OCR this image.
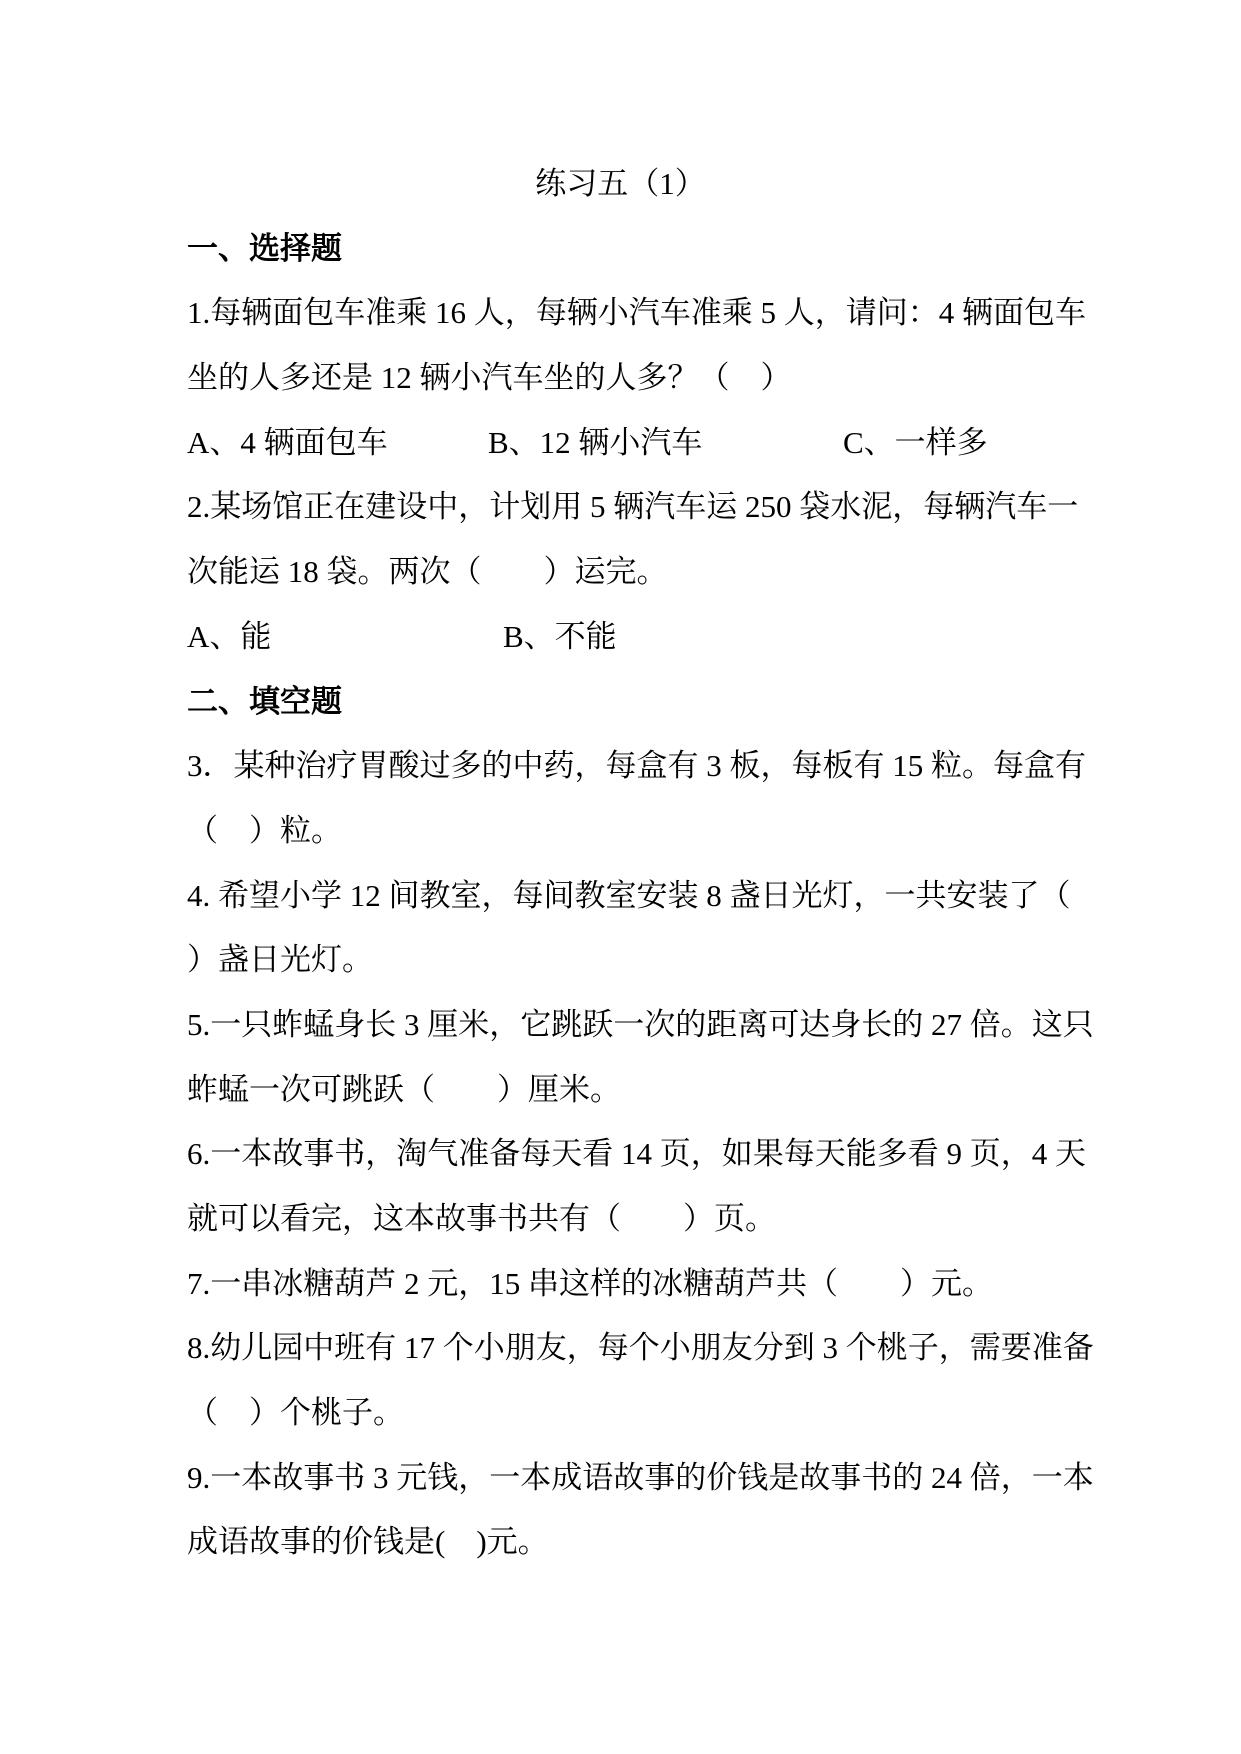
练习五（1）
一、选择题
1.每辆面包车准乘 16 人，每辆小汽车准乘 5 人，请问：4 辆面包车
坐的人多还是 12 辆小汽车坐的人多？（　）
A、4 辆面包车	B、12 辆小汽车	C、一样多
2.某场馆正在建设中，计划用 5 辆汽车运 250 袋水泥，每辆汽车一
次能运 18 袋。两次（　　）运完。
A、能	B、不能
二、填空题
3．某种治疗胃酸过多的中药，每盒有 3 板，每板有 15 粒。每盒有
（　）粒。
4. 希望小学 12 间教室，每间教室安装 8 盏日光灯，一共安装了（
）盏日光灯。
5.一只蚱蜢身长 3 厘米，它跳跃一次的距离可达身长的 27 倍。这只
蚱蜢一次可跳跃（　　）厘米。
6.一本故事书，淘气准备每天看 14 页，如果每天能多看 9 页，4 天
就可以看完，这本故事书共有（　　）页。
7.一串冰糖葫芦 2 元，15 串这样的冰糖葫芦共（　　）元。
8.幼儿园中班有 17 个小朋友，每个小朋友分到 3 个桃子，需要准备
（　）个桃子。
9.一本故事书 3 元钱，一本成语故事的价钱是故事书的 24 倍，一本
成语故事的价钱是(　)元。
